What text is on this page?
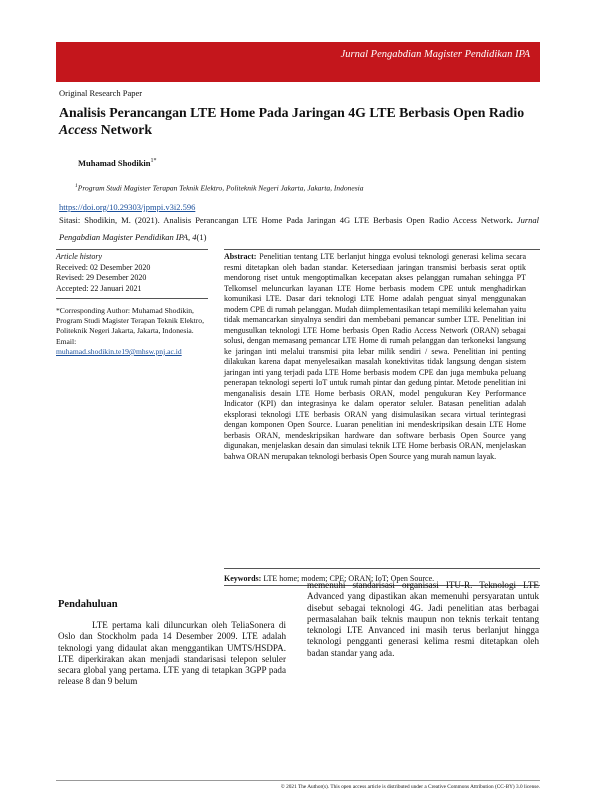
Jurnal Pengabdian Magister Pendidikan IPA
Original Research Paper
Analisis Perancangan LTE Home Pada Jaringan 4G LTE Berbasis Open Radio Access Network
Muhamad Shodikin$^{1*}$
$^1$Program Studi Magister Terapan Teknik Elektro, Politeknik Negeri Jakarta, Jakarta, Indonesia
https://doi.org/10.29303/jpmpi.v3i2.596
Sitasi: Shodikin, M. (2021). Analisis Perancangan LTE Home Pada Jaringan 4G LTE Berbasis Open Radio Access Network. Jurnal Pengabdian Magister Pendidikan IPA, 4(1)
Article history
Received: 02 Desember 2020
Revised: 29 Desember 2020
Accepted: 22 Januari 2021
*Corresponding Author: Muhamad Shodikin, Program Studi Magister Terapan Teknik Elektro, Politeknik Negeri Jakarta, Jakarta, Indonesia. Email:
muhamad.shodikin.te19@mhsw.pnj.ac.id
Abstract: Penelitian tentang LTE berlanjut hingga evolusi teknologi generasi kelima secara resmi ditetapkan oleh badan standar. Ketersediaan jaringan transmisi berbasis serat optik mendorong riset untuk mengoptimalkan kecepatan akses pelanggan rumahan sehingga PT Telkomsel meluncurkan layanan LTE Home berbasis modem CPE untuk menghadirkan komunikasi LTE. Dasar dari teknologi LTE Home adalah penguat sinyal menggunakan modem CPE di rumah pelanggan. Mudah diimplementasikan tetapi memiliki kelemahan yaitu tidak memancarkan sinyalnya sendiri dan membebani pemancar sumber LTE. Penelitian ini mengusulkan teknologi LTE Home berbasis Open Radio Access Network (ORAN) sebagai solusi, dengan memasang pemancar LTE Home di rumah pelanggan dan terkoneksi langsung ke jaringan inti melalui transmisi pita lebar milik sendiri / sewa. Penelitian ini penting dilakukan karena dapat menyelesaikan masalah konektivitas tidak langsung dengan sistem jaringan inti yang terjadi pada LTE Home berbasis modem CPE dan juga membuka peluang penerapan teknologi seperti IoT untuk rumah pintar dan gedung pintar. Metode penelitian ini menganalisis desain LTE Home berbasis ORAN, model pengukuran Key Performance Indicator (KPI) dan integrasinya ke dalam operator seluler. Batasan penelitian adalah eksplorasi teknologi LTE berbasis ORAN yang disimulasikan secara virtual terintegrasi dengan komponen Open Source. Luaran penelitian ini mendeskripsikan desain LTE Home berbasis ORAN, mendeskripsikan hardware dan software berbasis Open Source yang digunakan, menjelaskan desain dan simulasi teknik LTE Home berbasis ORAN, menjelaskan bahwa ORAN merupakan teknologi berbasis Open Source yang murah namun layak.
Keywords: LTE home; modem; CPE; ORAN; IoT; Open Source.
Pendahuluan
LTE pertama kali diluncurkan oleh TeliaSonera di Oslo dan Stockholm pada 14 Desember 2009. LTE adalah teknologi yang didaulat akan menggantikan UMTS/HSDPA. LTE diperkirakan akan menjadi standarisasi telepon seluler secara global yang pertama. LTE yang di tetapkan 3GPP pada release 8 dan 9 belum
memenuhi standarisasi organisasi ITU-R. Teknologi LTE Advanced yang dipastikan akan memenuhi persyaratan untuk disebut sebagai teknologi 4G. Jadi penelitian atas berbagai permasalahan baik teknis maupun non teknis terkait tentang teknologi LTE Anvanced ini masih terus berlanjut hingga teknologi pengganti generasi kelima resmi ditetapkan oleh badan standar yang ada.
© 2021 The Author(s). This open access article is distributed under a Creative Commons Attribution (CC-BY) 3.0 license.
